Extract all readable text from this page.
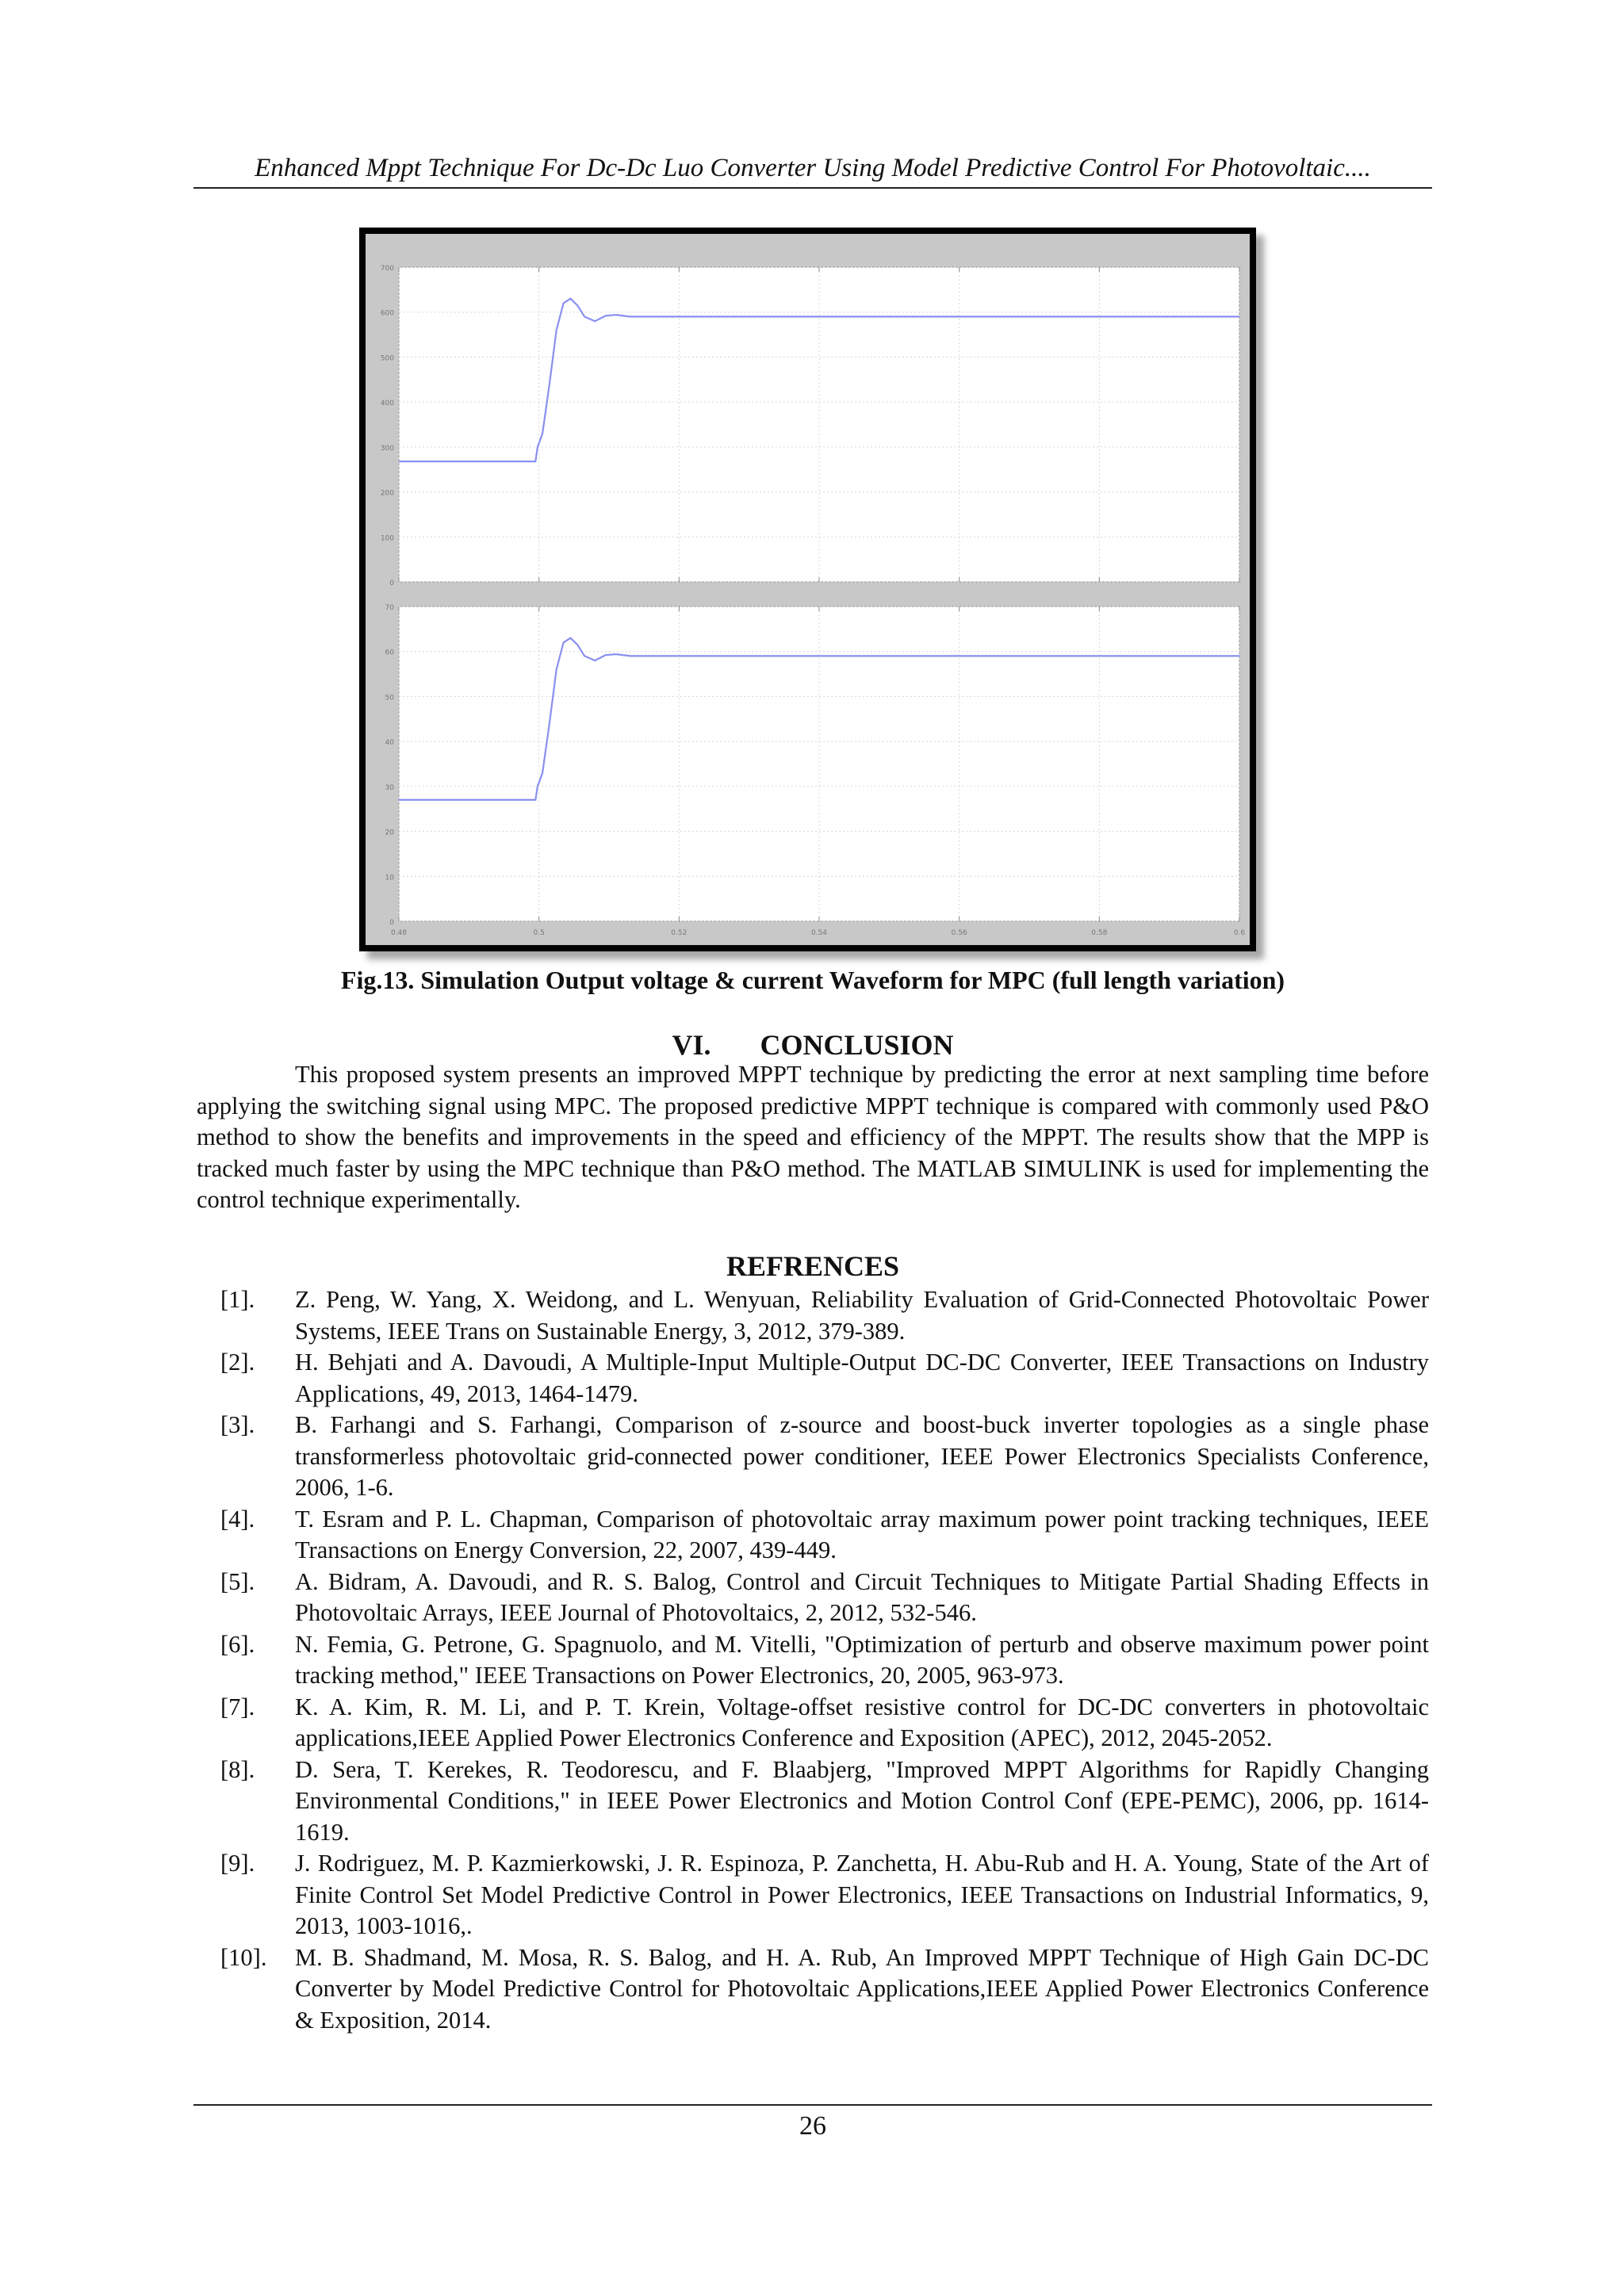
Enhanced Mppt Technique For Dc-Dc Luo Converter Using Model Predictive Control For Photovoltaic....
0
100
200
300
400
500
600
700
0
10
20
30
40
50
60
70
0.48	0.5	0.52	0.54	0.56	0.58	0.6
Fig.13. Simulation Output voltage & current Waveform for MPC (full length variation)
VI. CONCLUSION

This proposed system presents an improved MPPT technique by predicting the error at next sampling time before applying the switching signal using MPC. The proposed predictive MPPT technique is compared with commonly used P&O method to show the benefits and improvements in the speed and efficiency of the MPPT. The results show that the MPP is tracked much faster by using the MPC technique than P&O method. The MATLAB SIMULINK is used for implementing the control technique experimentally.

REFRENCES
[1]. Z. Peng, W. Yang, X. Weidong, and L. Wenyuan, Reliability Evaluation of Grid-Connected Photovoltaic Power Systems, IEEE Trans on Sustainable Energy, 3, 2012, 379-389.
[2]. H. Behjati and A. Davoudi, A Multiple-Input Multiple-Output DC-DC Converter, IEEE Transactions on Industry Applications, 49, 2013, 1464-1479.
[3]. B. Farhangi and S. Farhangi, Comparison of z-source and boost-buck inverter topologies as a single phase transformerless photovoltaic grid-connected power conditioner, IEEE Power Electronics Specialists Conference, 2006, 1-6.
[4]. T. Esram and P. L. Chapman, Comparison of photovoltaic array maximum power point tracking techniques, IEEE Transactions on Energy Conversion, 22, 2007, 439-449.
[5]. A. Bidram, A. Davoudi, and R. S. Balog, Control and Circuit Techniques to Mitigate Partial Shading Effects in Photovoltaic Arrays, IEEE Journal of Photovoltaics, 2, 2012, 532-546.
[6]. N. Femia, G. Petrone, G. Spagnuolo, and M. Vitelli, "Optimization of perturb and observe maximum power point tracking method," IEEE Transactions on Power Electronics, 20, 2005, 963-973.
[7]. K. A. Kim, R. M. Li, and P. T. Krein, Voltage-offset resistive control for DC-DC converters in photovoltaic applications,IEEE Applied Power Electronics Conference and Exposition (APEC), 2012, 2045-2052.
[8]. D. Sera, T. Kerekes, R. Teodorescu, and F. Blaabjerg, "Improved MPPT Algorithms for Rapidly Changing Environmental Conditions," in IEEE Power Electronics and Motion Control Conf (EPE-PEMC), 2006, pp. 1614-1619.
[9]. J. Rodriguez, M. P. Kazmierkowski, J. R. Espinoza, P. Zanchetta, H. Abu-Rub and H. A. Young, State of the Art of Finite Control Set Model Predictive Control in Power Electronics, IEEE Transactions on Industrial Informatics, 9, 2013, 1003-1016,.
[10]. M. B. Shadmand, M. Mosa, R. S. Balog, and H. A. Rub, An Improved MPPT Technique of High Gain DC-DC Converter by Model Predictive Control for Photovoltaic Applications,IEEE Applied Power Electronics Conference & Exposition, 2014.
26
